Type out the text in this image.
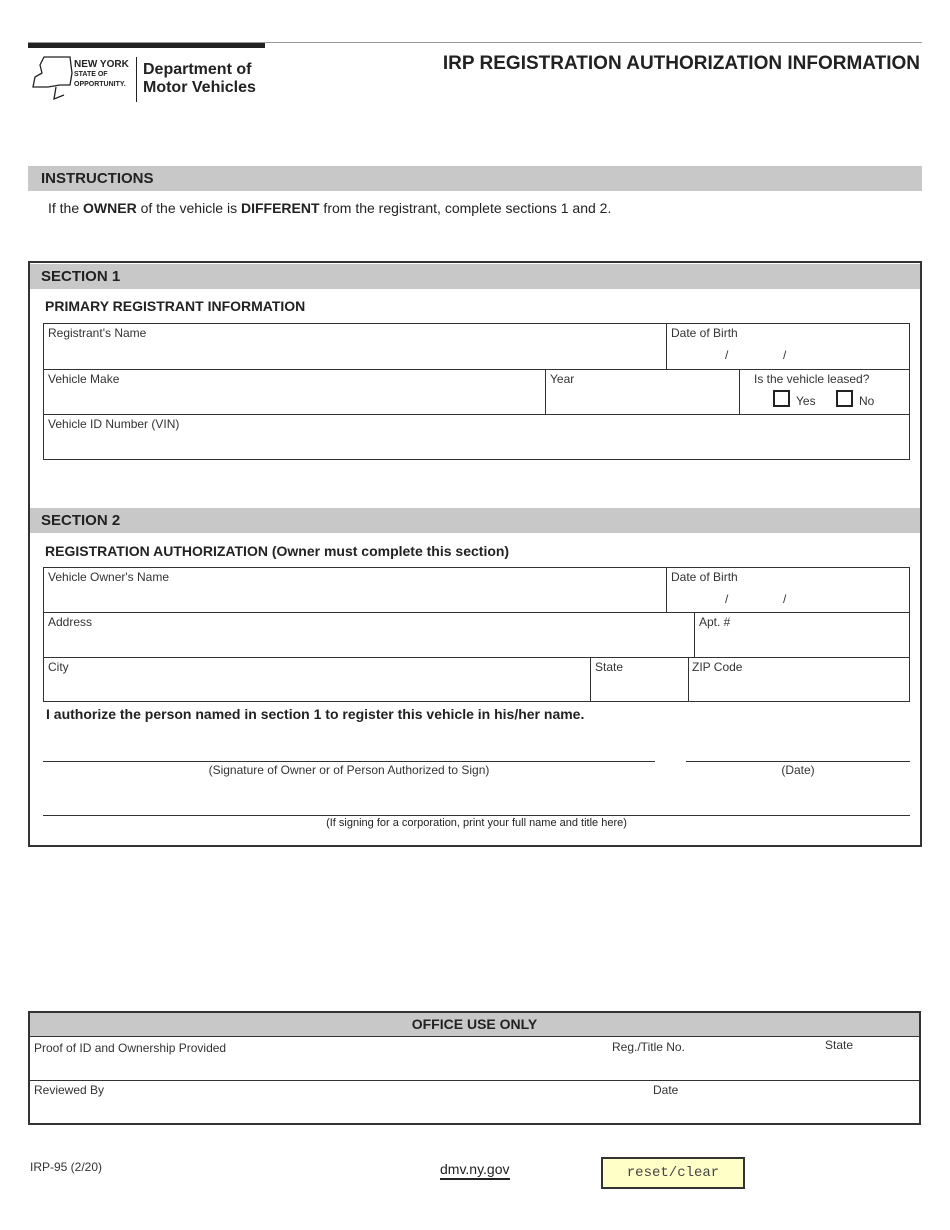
NEW YORK
STATE OF
OPPORTUNITY.
Department of
Motor Vehicles
IRP REGISTRATION AUTHORIZATION INFORMATION
INSTRUCTIONS
If the OWNER of the vehicle is DIFFERENT from the registrant, complete sections 1 and 2.
SECTION 1
PRIMARY REGISTRANT INFORMATION
Registrant's Name	Date of Birth
/	/
Vehicle Make	Year	Is the vehicle leased?
Yes	No
Vehicle ID Number (VIN)
SECTION 2
REGISTRATION AUTHORIZATION (Owner must complete this section)
Vehicle Owner's Name	Date of Birth
/	/
Address	Apt. #
City	State	ZIP Code
I authorize the person named in section 1 to register this vehicle in his/her name.
(Signature of Owner or of Person Authorized to Sign)	(Date)
(If signing for a corporation, print your full name and title here)
OFFICE USE ONLY
Proof of ID and Ownership Provided	Reg./Title No.	State
Reviewed By	Date
IRP-95 (2/20)	dmv.ny.gov	reset/clear
